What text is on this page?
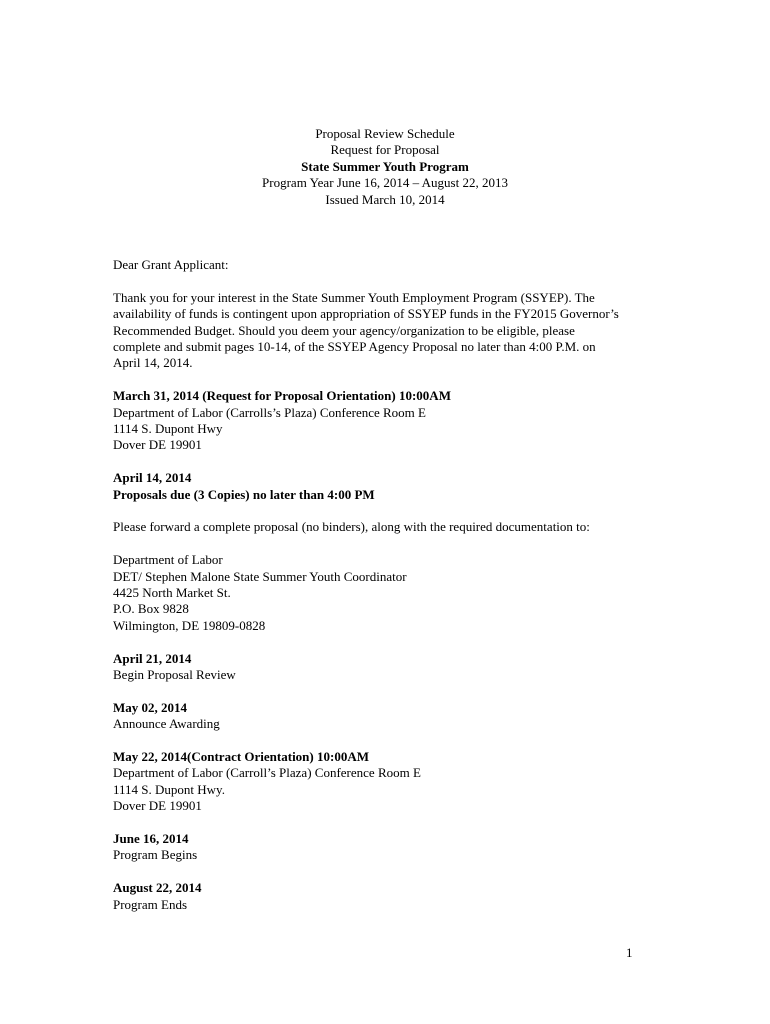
Proposal Review Schedule
Request for Proposal
State Summer Youth Program
Program Year June 16, 2014 – August 22, 2013
Issued March 10, 2014
Dear Grant Applicant:
Thank you for your interest in the State Summer Youth Employment Program (SSYEP). The
availability of funds is contingent upon appropriation of SSYEP funds in the FY2015 Governor’s
Recommended Budget. Should you deem your agency/organization to be eligible, please
complete and submit pages 10-14, of the SSYEP Agency Proposal no later than 4:00 P.M. on
April 14, 2014.
March 31, 2014 (Request for Proposal Orientation) 10:00AM
Department of Labor (Carrolls’s Plaza) Conference Room E
1114 S. Dupont Hwy
Dover DE 19901
April 14, 2014
Proposals due (3 Copies) no later than 4:00 PM
Please forward a complete proposal (no binders), along with the required documentation to:
Department of Labor
DET/ Stephen Malone State Summer Youth Coordinator
4425 North Market St.
P.O. Box 9828
Wilmington, DE 19809-0828
April 21, 2014
Begin Proposal Review
May 02, 2014
Announce Awarding
May 22, 2014(Contract Orientation) 10:00AM
Department of Labor (Carroll’s Plaza) Conference Room E
1114 S. Dupont Hwy.
Dover DE 19901
June 16, 2014
Program Begins
August 22, 2014
Program Ends
1
